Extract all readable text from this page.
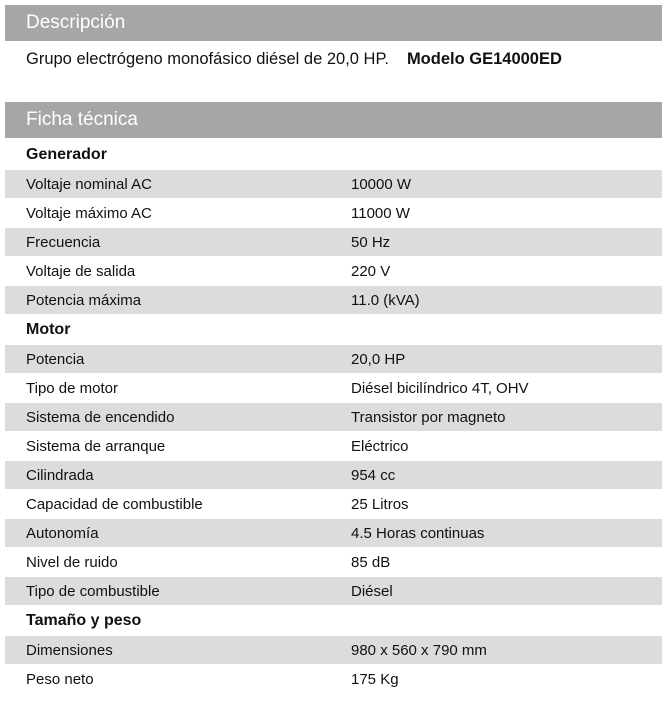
Descripción
Grupo electrógeno monofásico diésel de 20,0 HP. Modelo GE14000ED
Ficha técnica
Generador
Voltaje nominal AC	10000 W
Voltaje máximo AC	11000 W
Frecuencia	50 Hz
Voltaje de salida	220 V
Potencia máxima	11.0 (kVA)
Motor
Potencia	20,0 HP
Tipo de motor	Diésel bicilíndrico 4T, OHV
Sistema de encendido	Transistor por magneto
Sistema de arranque	Eléctrico
Cilindrada	954 cc
Capacidad de combustible	25 Litros
Autonomía	4.5 Horas continuas
Nivel de ruido	85 dB
Tipo de combustible	Diésel
Tamaño y peso
Dimensiones	980 x 560 x 790 mm
Peso neto	175 Kg
